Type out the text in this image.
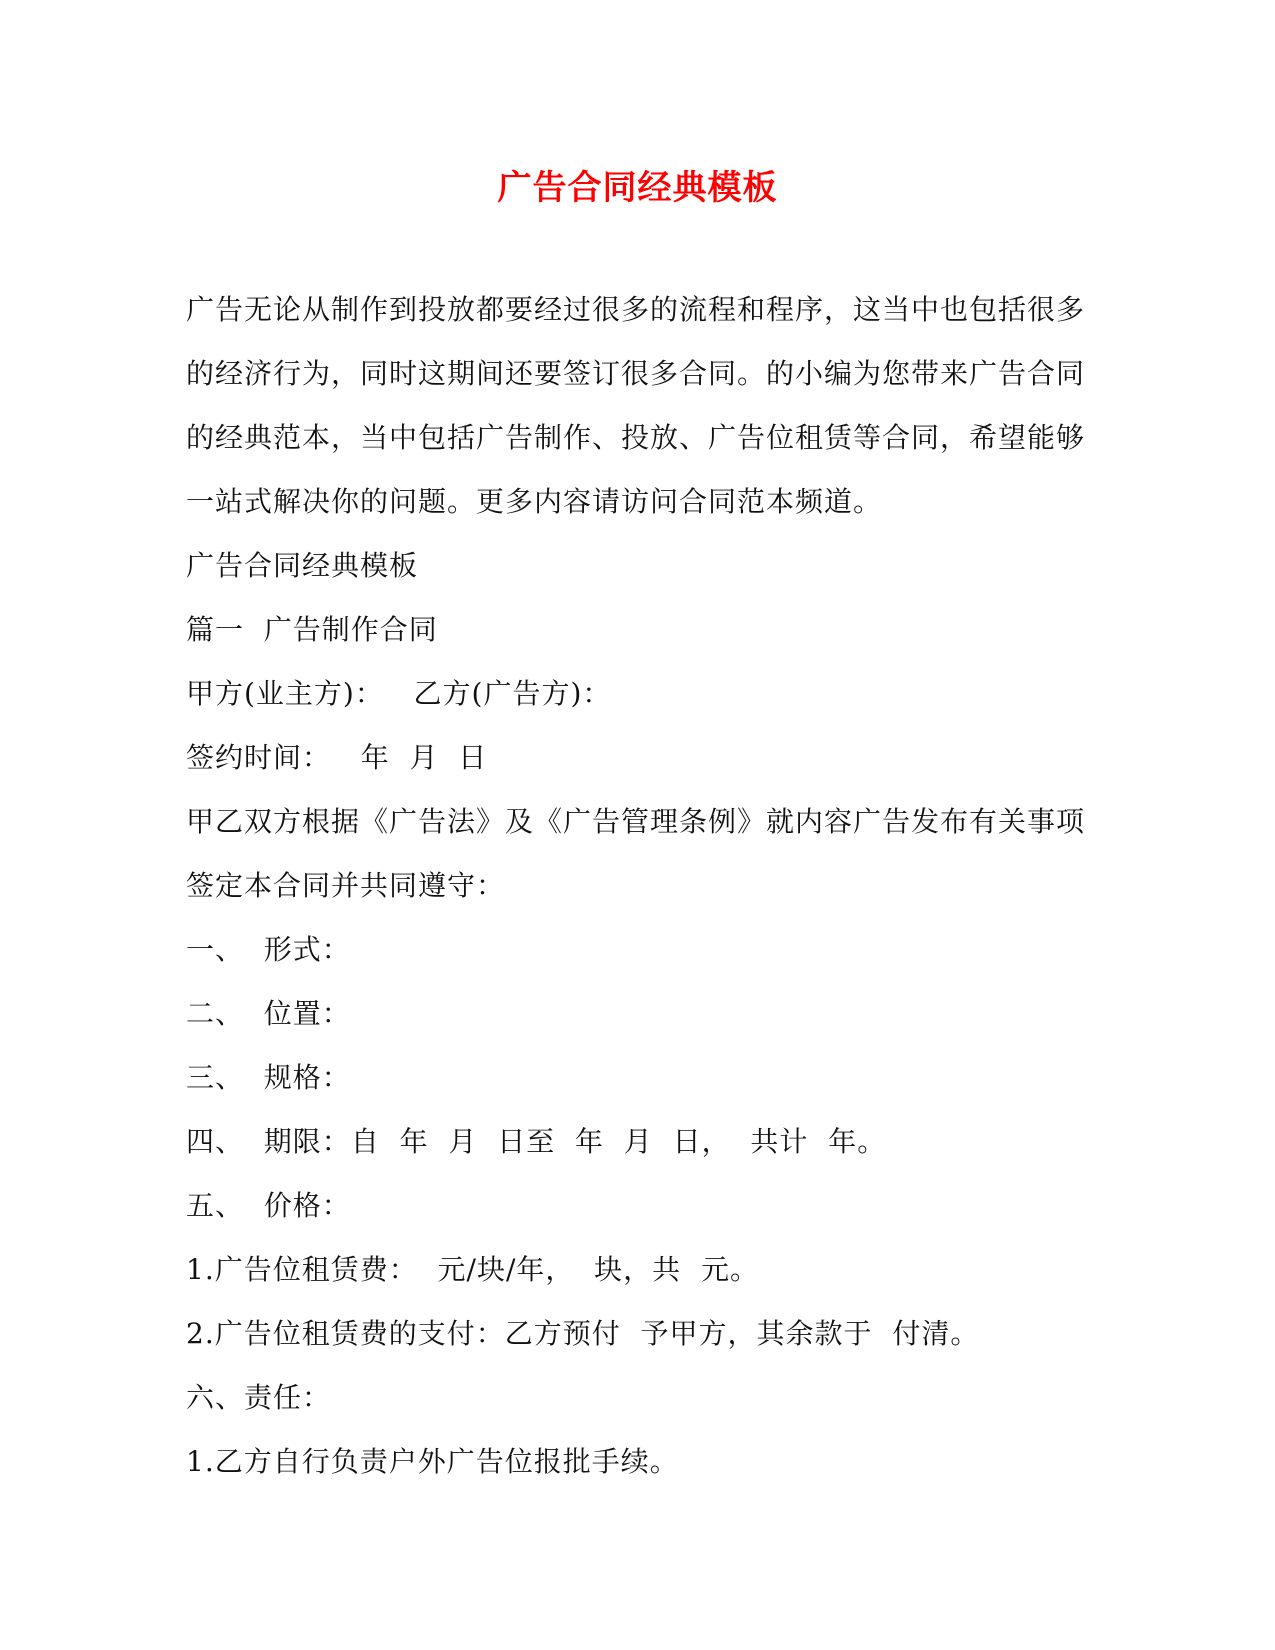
广告合同经典模板

广告无论从制作到投放都要经过很多的流程和程序，这当中也包括很多的经济行为，同时这期间还要签订很多合同。的小编为您带来广告合同的经典范本，当中包括广告制作、投放、广告位租赁等合同，希望能够一站式解决你的问题。更多内容请访问合同范本频道。

广告合同经典模板

篇一  广告制作合同

甲方(业主方)：   乙方(广告方)：

签约时间：   年  月  日

甲乙双方根据《广告法》及《广告管理条例》就内容广告发布有关事项签定本合同并共同遵守：

一、  形式：

二、  位置：

三、  规格：

四、  期限：自  年  月  日至  年  月  日，  共计  年。

五、  价格：

1.广告位租赁费：  元/块/年，  块，共  元。

2.广告位租赁费的支付：乙方预付  予甲方，其余款于  付清。

六、责任：

1.乙方自行负责户外广告位报批手续。
